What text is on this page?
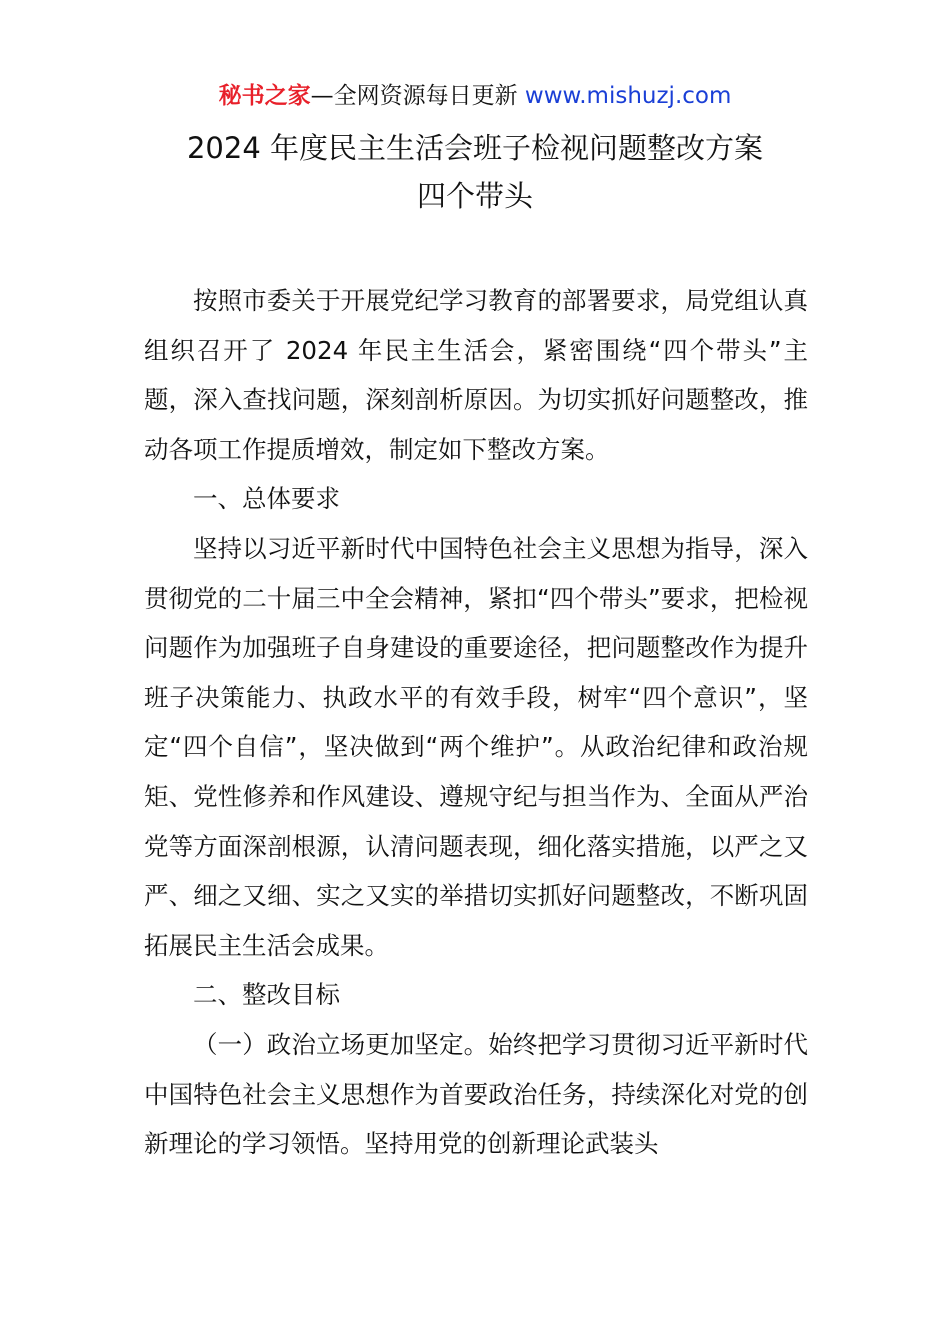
秘书之家—全网资源每日更新 www.mishuzj.com
2024 年度民主生活会班子检视问题整改方案
四个带头

按照市委关于开展党纪学习教育的部署要求，局党组认真组织召开了 2024 年民主生活会，紧密围绕“四个带头”主题，深入查找问题，深刻剖析原因。为切实抓好问题整改，推动各项工作提质增效，制定如下整改方案。

一、总体要求

坚持以习近平新时代中国特色社会主义思想为指导，深入贯彻党的二十届三中全会精神，紧扣“四个带头”要求，把检视问题作为加强班子自身建设的重要途径，把问题整改作为提升班子决策能力、执政水平的有效手段，树牢“四个意识”，坚定“四个自信”，坚决做到“两个维护”。从政治纪律和政治规矩、党性修养和作风建设、遵规守纪与担当作为、全面从严治党等方面深剖根源，认清问题表现，细化落实措施，以严之又严、细之又细、实之又实的举措切实抓好问题整改，不断巩固拓展民主生活会成果。

二、整改目标

（一）政治立场更加坚定。始终把学习贯彻习近平新时代中国特色社会主义思想作为首要政治任务，持续深化对党的创新理论的学习领悟。坚持用党的创新理论武装头
